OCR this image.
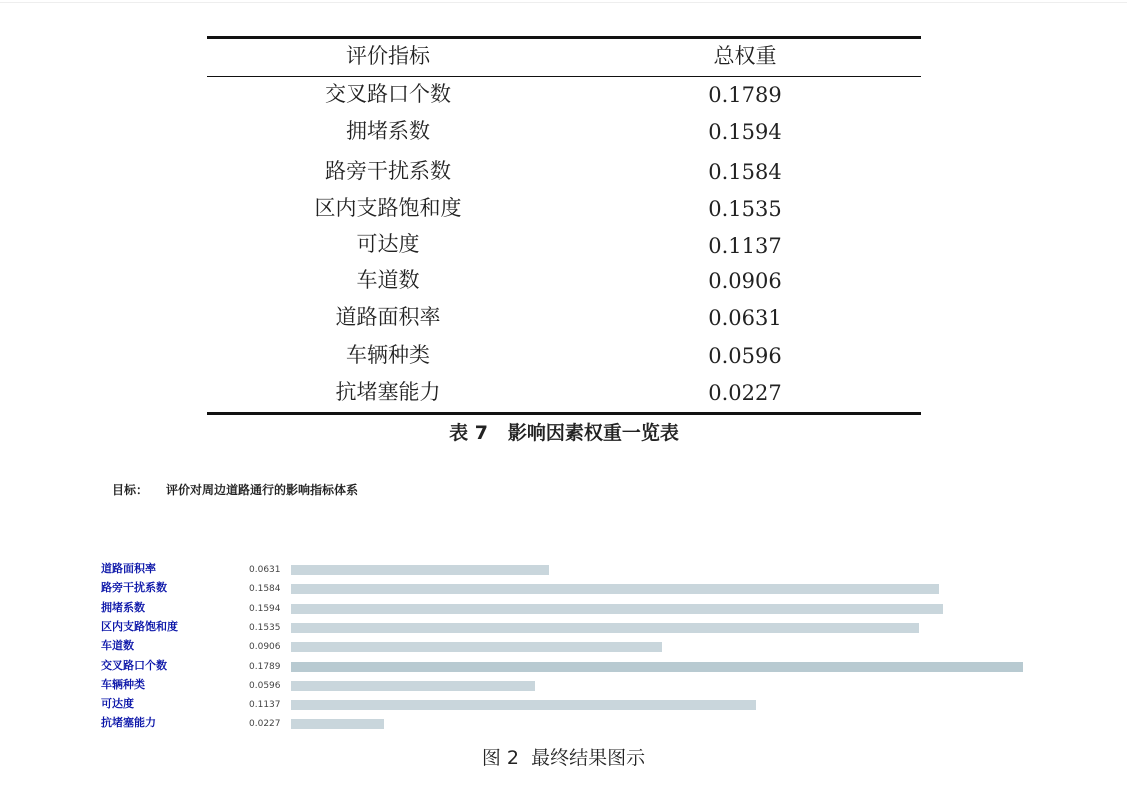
评价指标	总权重
交叉路口个数	0.1789
拥堵系数	0.1594
路旁干扰系数	0.1584
区内支路饱和度	0.1535
可达度	0.1137
车道数	0.0906
道路面积率	0.0631
车辆种类	0.0596
抗堵塞能力	0.0227
表 7   影响因素权重一览表
目标： 评价对周边道路通行的影响指标体系
道路面积率	0.0631
路旁干扰系数	0.1584
拥堵系数	0.1594
区内支路饱和度	0.1535
车道数	0.0906
交叉路口个数	0.1789
车辆种类	0.0596
可达度	0.1137
抗堵塞能力	0.0227
图 2  最终结果图示
